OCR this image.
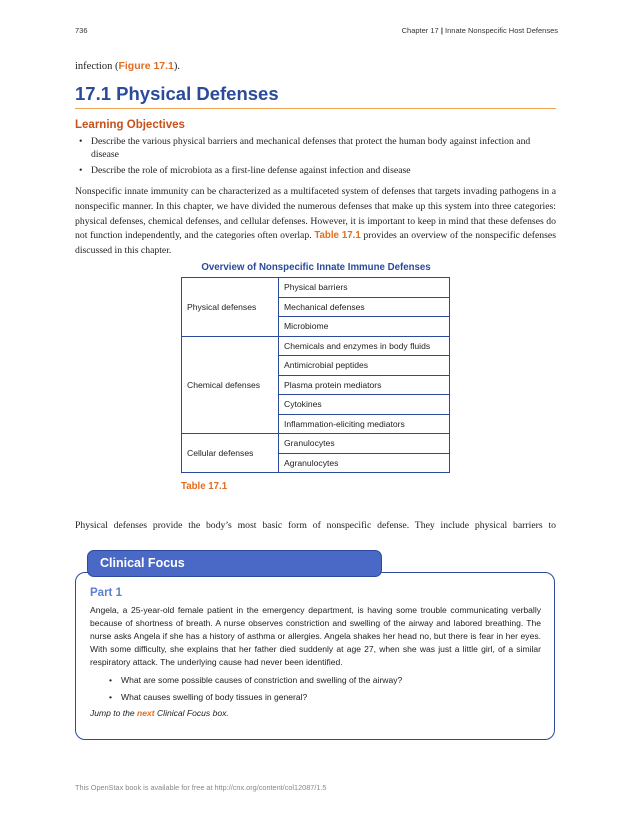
736	Chapter 17 | Innate Nonspecific Host Defenses
infection (Figure 17.1).
17.1 Physical Defenses
Learning Objectives
• Describe the various physical barriers and mechanical defenses that protect the human body against infection and disease
• Describe the role of microbiota as a first-line defense against infection and disease

Nonspecific innate immunity can be characterized as a multifaceted system of defenses that targets invading pathogens in a nonspecific manner. In this chapter, we have divided the numerous defenses that make up this system into three categories: physical defenses, chemical defenses, and cellular defenses. However, it is important to keep in mind that these defenses do not function independently, and the categories often overlap. Table 17.1 provides an overview of the nonspecific defenses discussed in this chapter.

Overview of Nonspecific Innate Immune Defenses
Physical defenses	Physical barriers
	Mechanical defenses
	Microbiome
Chemical defenses	Chemicals and enzymes in body fluids
	Antimicrobial peptides
	Plasma protein mediators
	Cytokines
	Inflammation-eliciting mediators
Cellular defenses	Granulocytes
	Agranulocytes
Table 17.1

Physical defenses provide the body’s most basic form of nonspecific defense. They include physical barriers to

Clinical Focus
Part 1

Angela, a 25-year-old female patient in the emergency department, is having some trouble communicating verbally because of shortness of breath. A nurse observes constriction and swelling of the airway and labored breathing. The nurse asks Angela if she has a history of asthma or allergies. Angela shakes her head no, but there is fear in her eyes. With some difficulty, she explains that her father died suddenly at age 27, when she was just a little girl, of a similar respiratory attack. The underlying cause had never been identified.

• What are some possible causes of constriction and swelling of the airway?
• What causes swelling of body tissues in general?
Jump to the next Clinical Focus box.
This OpenStax book is available for free at http://cnx.org/content/col12087/1.5
